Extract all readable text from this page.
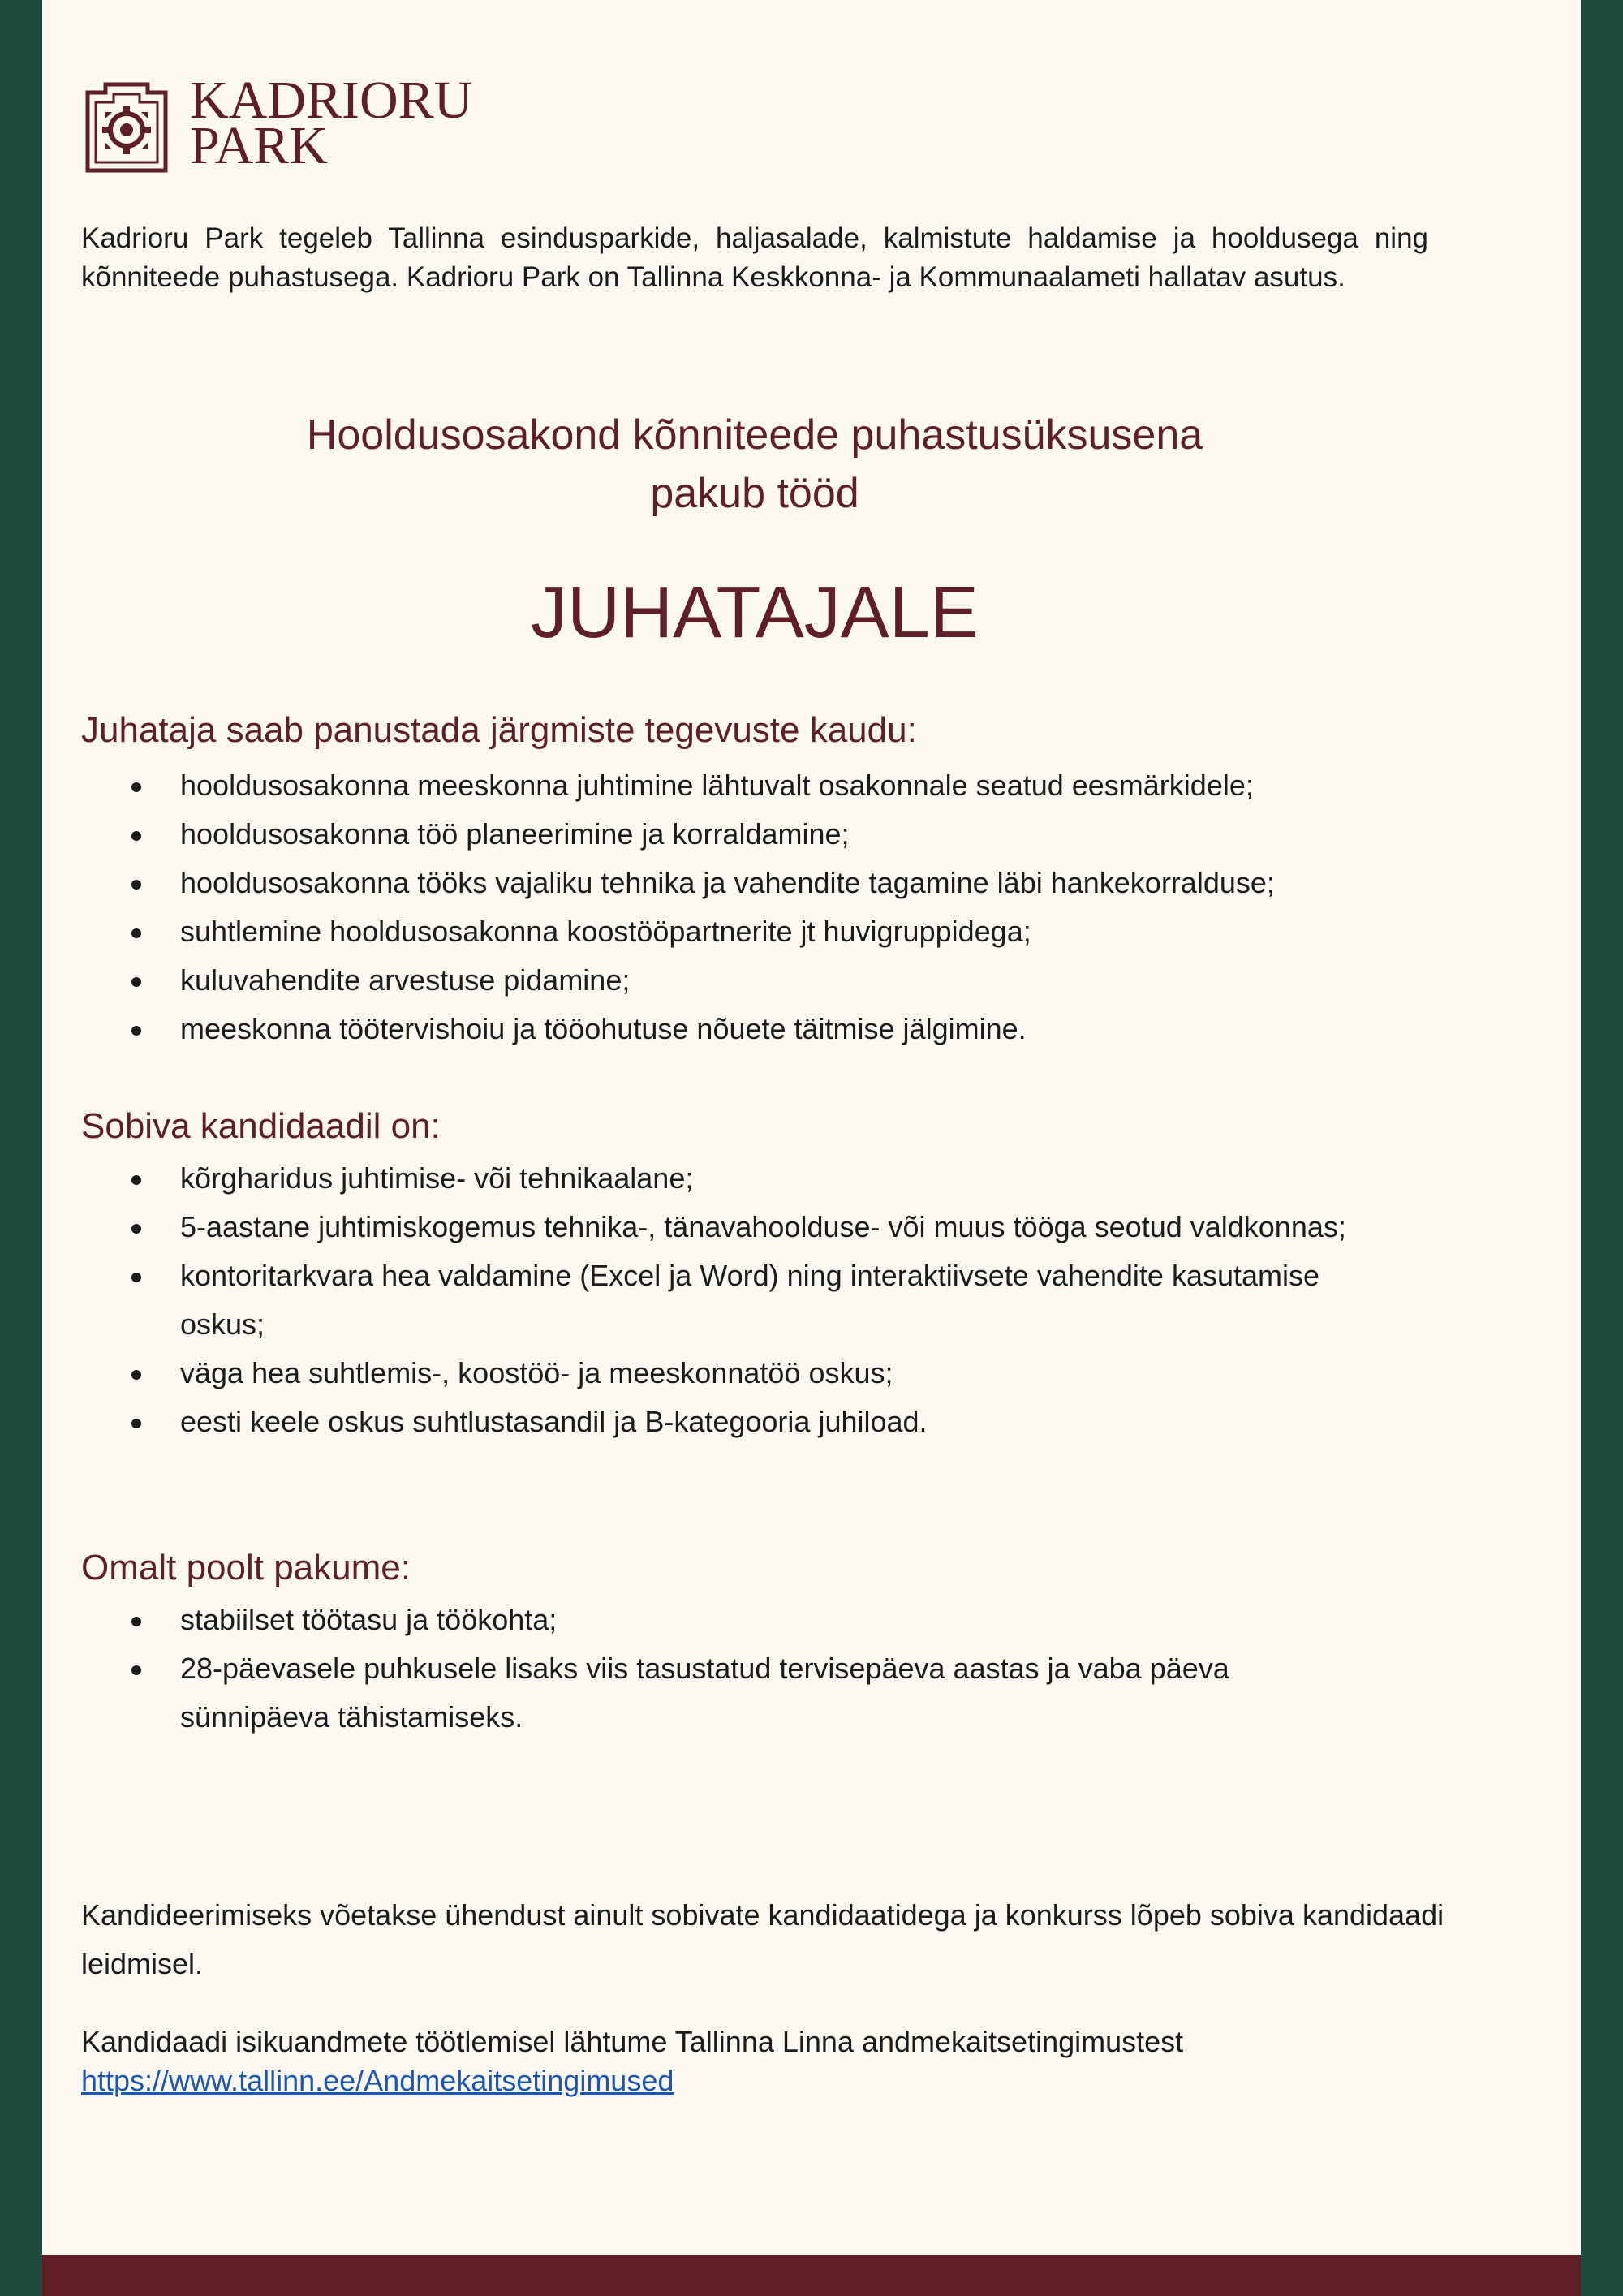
KADRIORU
PARK

Kadrioru Park tegeleb Tallinna esindusparkide, haljasalade, kalmistute haldamise ja hooldusega ning kõnniteede puhastusega. Kadrioru Park on Tallinna Keskkonna- ja Kommunaalameti hallatav asutus.

Hooldusosakond kõnniteede puhastusüksusena
pakub tööd
JUHATAJALE
Juhataja saab panustada järgmiste tegevuste kaudu:
hooldusosakonna meeskonna juhtimine lähtuvalt osakonnale seatud eesmärkidele;
hooldusosakonna töö planeerimine ja korraldamine;
hooldusosakonna tööks vajaliku tehnika ja vahendite tagamine läbi hankekorralduse;
suhtlemine hooldusosakonna koostööpartnerite jt huvigruppidega;
kuluvahendite arvestuse pidamine;
meeskonna töötervishoiu ja tööohutuse nõuete täitmise jälgimine.
Sobiva kandidaadil on:
kõrgharidus juhtimise- või tehnikaalane;
5-aastane juhtimiskogemus tehnika-, tänavahoolduse- või muus tööga seotud valdkonnas;
kontoritarkvara hea valdamine (Excel ja Word) ning interaktiivsete vahendite kasutamise oskus;
väga hea suhtlemis-, koostöö- ja meeskonnatöö oskus;
eesti keele oskus suhtlustasandil ja B-kategooria juhiload.
Omalt poolt pakume:
stabiilset töötasu ja töökohta;
28-päevasele puhkusele lisaks viis tasustatud tervisepäeva aastas ja vaba päeva sünnipäeva tähistamiseks.

Kandideerimiseks võetakse ühendust ainult sobivate kandidaatidega ja konkurss lõpeb sobiva kandidaadi leidmisel.

Kandidaadi isikuandmete töötlemisel lähtume Tallinna Linna andmekaitsetingimustest
https://www.tallinn.ee/Andmekaitsetingimused
